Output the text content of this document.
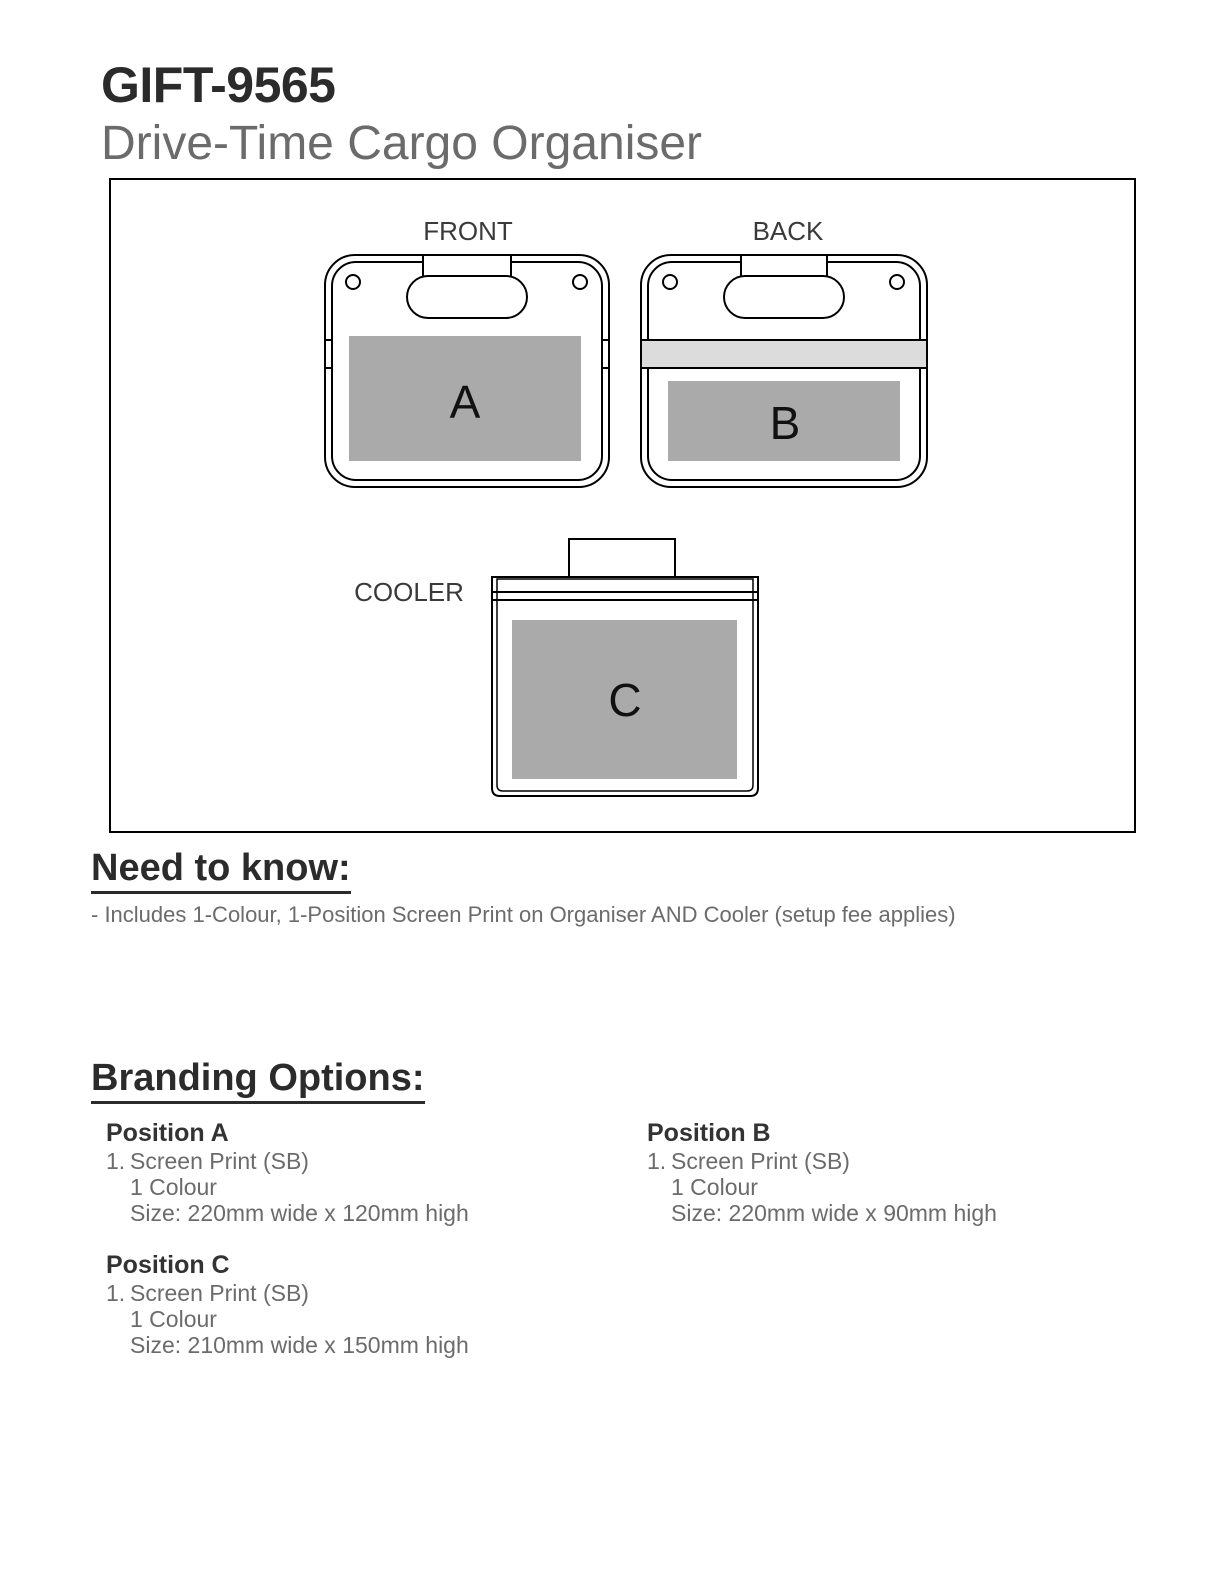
GIFT-9565
Drive-Time Cargo Organiser
FRONT
A
BACK
B
COOLER
C
Need to know:
- Includes 1-Colour, 1-Position Screen Print on Organiser AND Cooler (setup fee applies)
Branding Options:
Position A
1. Screen Print (SB)
1 Colour
Size: 220mm wide x 120mm high
Position B
1. Screen Print (SB)
1 Colour
Size: 220mm wide x 90mm high
Position C
1. Screen Print (SB)
1 Colour
Size: 210mm wide x 150mm high
